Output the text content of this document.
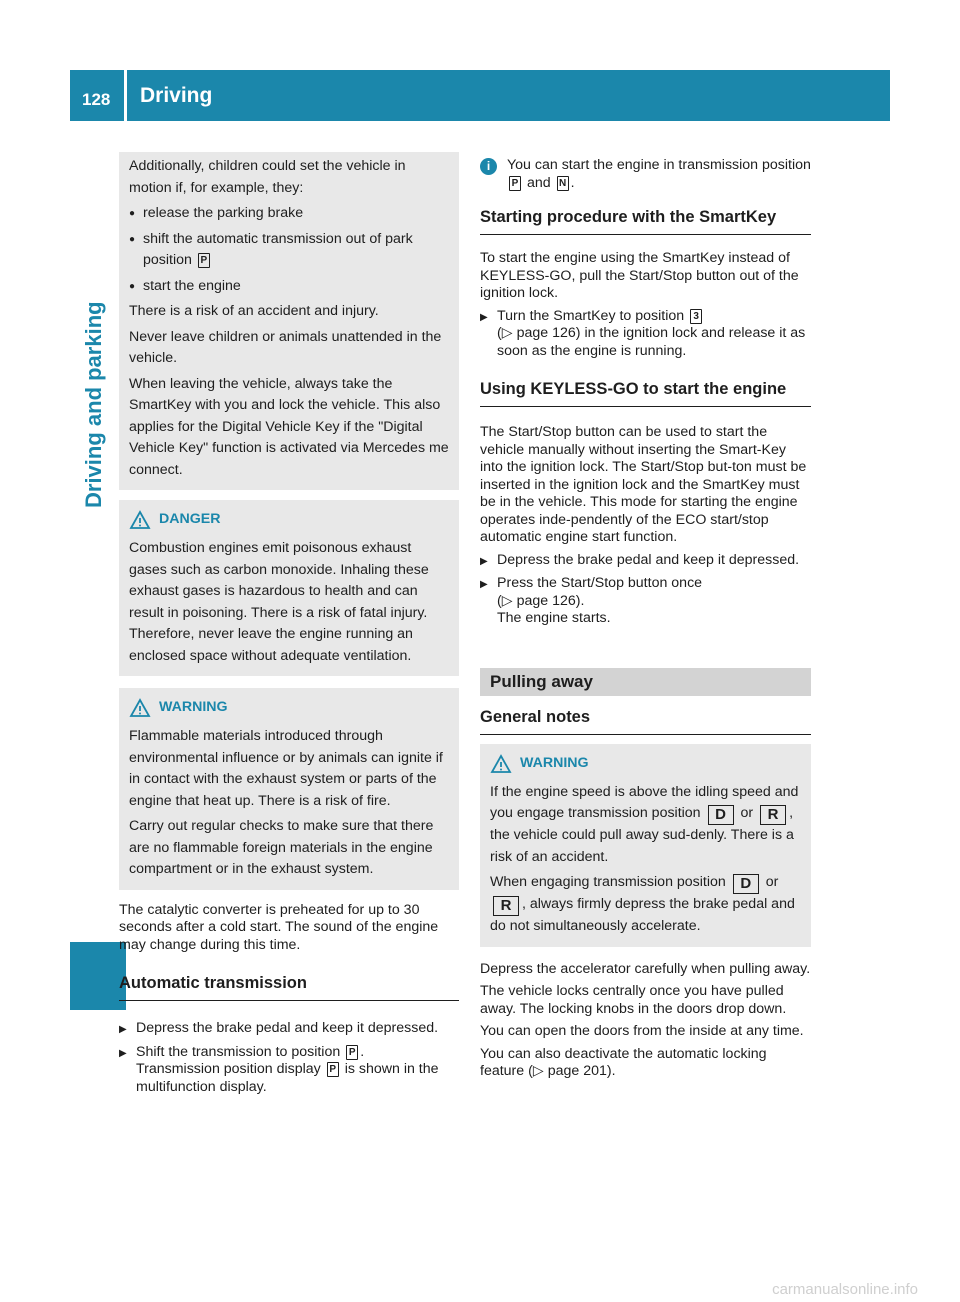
128 Driving
Driving and parking

Additionally, children could set the vehicle in motion if, for example, they:

● release the parking brake
● shift the automatic transmission out of park position P
● start the engine

There is a risk of an accident and injury.

Never leave children or animals unattended in the vehicle.

When leaving the vehicle, always take the SmartKey with you and lock the vehicle. This also applies for the Digital Vehicle Key if the "Digital Vehicle Key" function is activated via Mercedes me connect.

DANGER

Combustion engines emit poisonous exhaust gases such as carbon monoxide. Inhaling these exhaust gases is hazardous to health and can result in poisoning. There is a risk of fatal injury. Therefore, never leave the engine running an enclosed space without adequate ventilation.

WARNING

Flammable materials introduced through environmental influence or by animals can ignite if in contact with the exhaust system or parts of the engine that heat up. There is a risk of fire.

Carry out regular checks to make sure that there are no flammable foreign materials in the engine compartment or in the exhaust system.

The catalytic converter is preheated for up to 30 seconds after a cold start. The sound of the engine may change during this time.

Automatic transmission
▶ Depress the brake pedal and keep it depressed.
▶ Shift the transmission to position P .
Transmission position display P is shown in the multifunction display.
i	You can start the engine in transmission position P and N .
Starting procedure with the SmartKey

To start the engine using the SmartKey instead of KEYLESS-GO, pull the Start/Stop button out of the ignition lock.

▶ Turn the SmartKey to position 3
(▷ page 126) in the ignition lock and release it as soon as the engine is running.
Using KEYLESS-GO to start the engine

The Start/Stop button can be used to start the vehicle manually without inserting the Smart-Key into the ignition lock. The Start/Stop but-ton must be inserted in the ignition lock and the SmartKey must be in the vehicle. This mode for starting the engine operates inde-pendently of the ECO start/stop automatic engine start function.

▶ Depress the brake pedal and keep it depressed.
▶ Press the Start/Stop button once
(▷ page 126).
The engine starts.
Pulling away
General notes
WARNING

If the engine speed is above the idling speed and you engage transmission position D or R , the vehicle could pull away sud-denly. There is a risk of an accident.

When engaging transmission position D or R , always firmly depress the brake pedal and do not simultaneously accelerate.

Depress the accelerator carefully when pulling away.

The vehicle locks centrally once you have pulled away. The locking knobs in the doors drop down.

You can open the doors from the inside at any time.

You can also deactivate the automatic locking feature (▷ page 201).

carmanualsonline.info
